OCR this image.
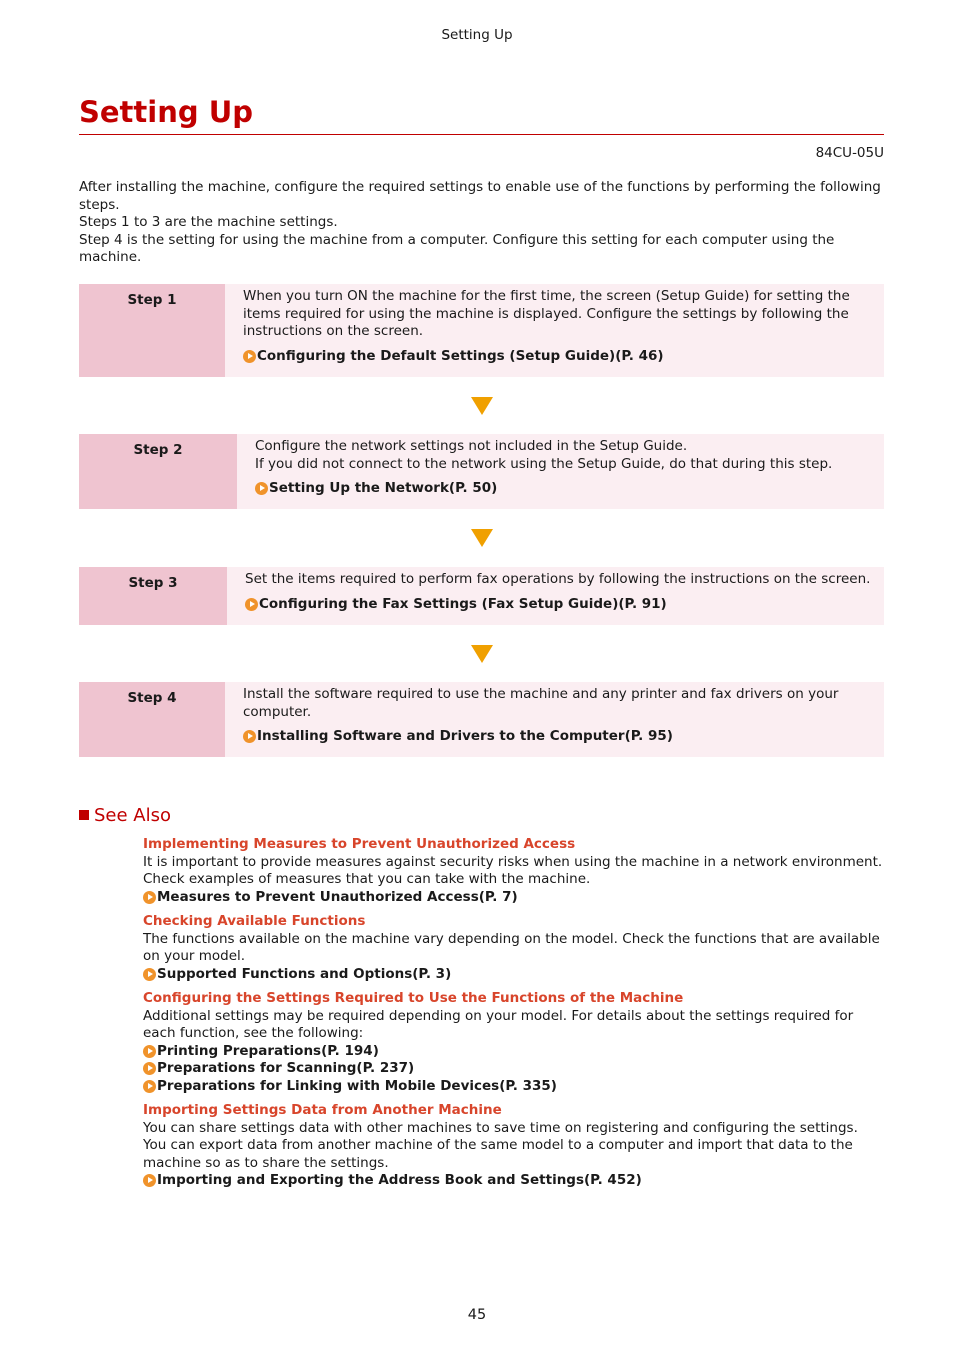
Setting Up
Setting Up
84CU-05U

After installing the machine, configure the required settings to enable use of the functions by performing the following steps.

Steps 1 to 3 are the machine settings.

Step 4 is the setting for using the machine from a computer. Configure this setting for each computer using the machine.

Step 1	When you turn ON the machine for the first time, the screen (Setup Guide) for setting the items required for using the machine is displayed. Configure the settings by following the instructions on the screen.

Configuring the Default Settings (Setup Guide)(P. 46)
Step 2	Configure the network settings not included in the Setup Guide.

If you did not connect to the network using the Setup Guide, do that during this step.

Setting Up the Network(P. 50)
Step 3	Set the items required to perform fax operations by following the instructions on the screen.

Configuring the Fax Settings (Fax Setup Guide)(P. 91)
Step 4	Install the software required to use the machine and any printer and fax drivers on your computer.

Installing Software and Drivers to the Computer(P. 95)
See Also
Implementing Measures to Prevent Unauthorized Access

It is important to provide measures against security risks when using the machine in a network environment. Check examples of measures that you can take with the machine.

Measures to Prevent Unauthorized Access(P. 7)
Checking Available Functions

The functions available on the machine vary depending on the model. Check the functions that are available on your model.

Supported Functions and Options(P. 3)
Configuring the Settings Required to Use the Functions of the Machine

Additional settings may be required depending on your model. For details about the settings required for each function, see the following:

Printing Preparations(P. 194)
Preparations for Scanning(P. 237)
Preparations for Linking with Mobile Devices(P. 335)
Importing Settings Data from Another Machine

You can share settings data with other machines to save time on registering and configuring the settings.

You can export data from another machine of the same model to a computer and import that data to the machine so as to share the settings.

Importing and Exporting the Address Book and Settings(P. 452)
45
